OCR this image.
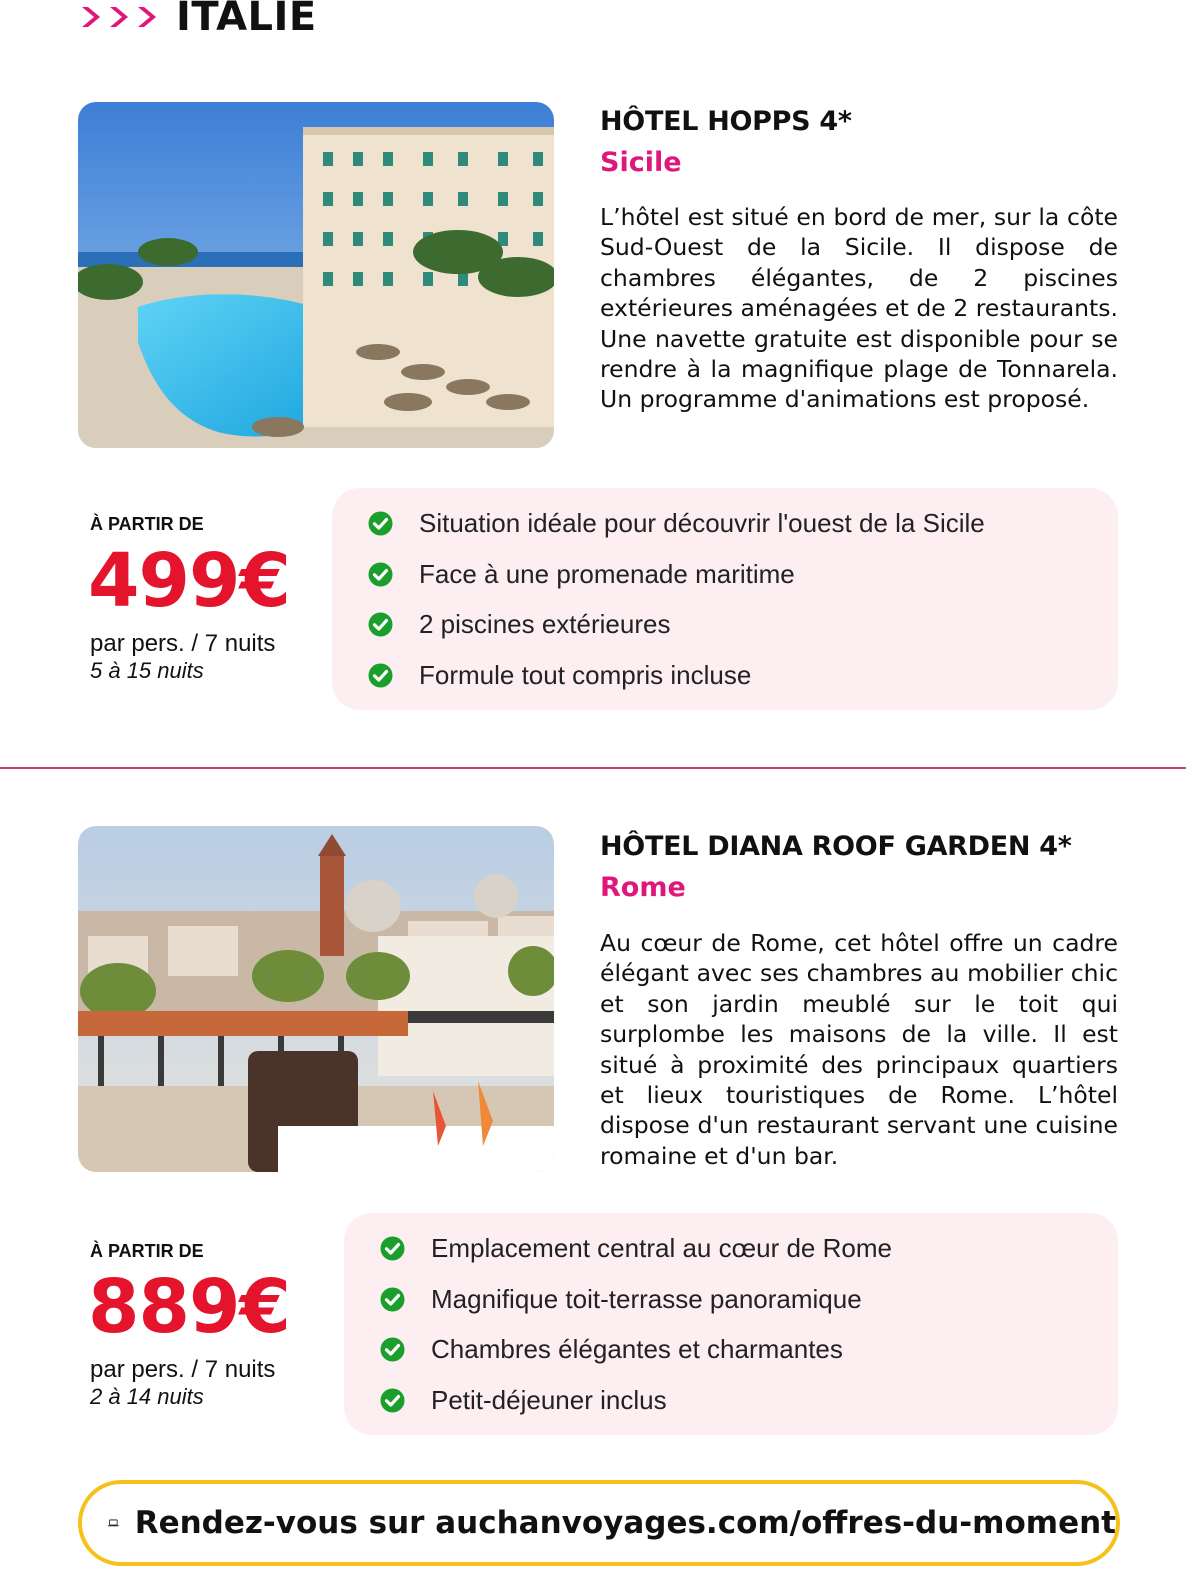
ITALIE
HÔTEL HOPPS 4*
Sicile
L’hôtel est situé en bord de mer, sur la côte Sud-Ouest de la Sicile. Il dispose de chambres élégantes, de 2 piscines extérieures aménagées et de 2 restaurants. Une navette gratuite est disponible pour se rendre à la magnifique plage de Tonnarela. Un programme d'animations est proposé.
À PARTIR DE
499€
par pers. / 7 nuits
5 à 15 nuits
Situation idéale pour découvrir l'ouest de la Sicile
Face à une promenade maritime
2 piscines extérieures
Formule tout compris incluse
HÔTEL DIANA ROOF GARDEN 4*
Rome
Au cœur de Rome, cet hôtel offre un cadre élégant avec ses chambres au mobilier chic et son jardin meublé sur le toit qui surplombe les maisons de la ville. Il est situé à proximité des principaux quartiers et lieux touristiques de Rome. L’hôtel dispose d'un restaurant servant une cuisine romaine et d'un bar.
À PARTIR DE
889€
par pers. / 7 nuits
2 à 14 nuits
Emplacement central au cœur de Rome
Magnifique toit-terrasse panoramique
Chambres élégantes et charmantes
Petit-déjeuner inclus
Rendez-vous sur auchanvoyages.com/offres-du-moment
